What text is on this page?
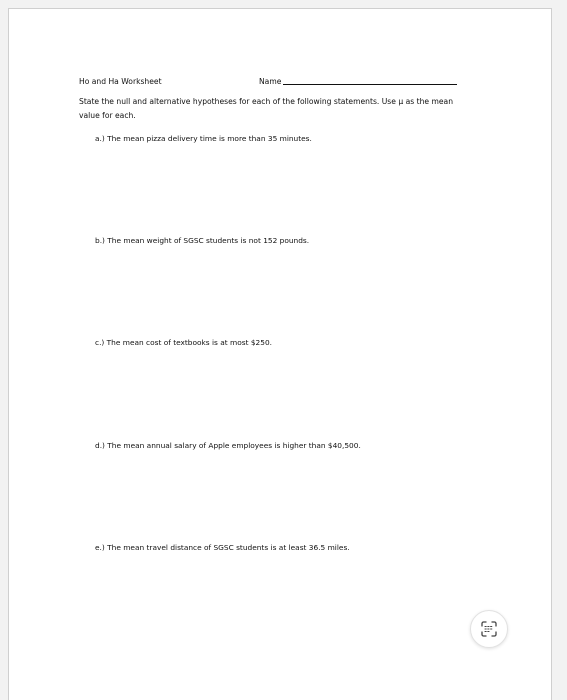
Ho and Ha Worksheet	Name
State the null and alternative hypotheses for each of the following statements. Use μ as the mean value for each.
a.) The mean pizza delivery time is more than 35 minutes.
b.) The mean weight of SGSC students is not 152 pounds.
c.) The mean cost of textbooks is at most $250.
d.) The mean annual salary of Apple employees is higher than $40,500.
e.) The mean travel distance of SGSC students is at least 36.5 miles.
